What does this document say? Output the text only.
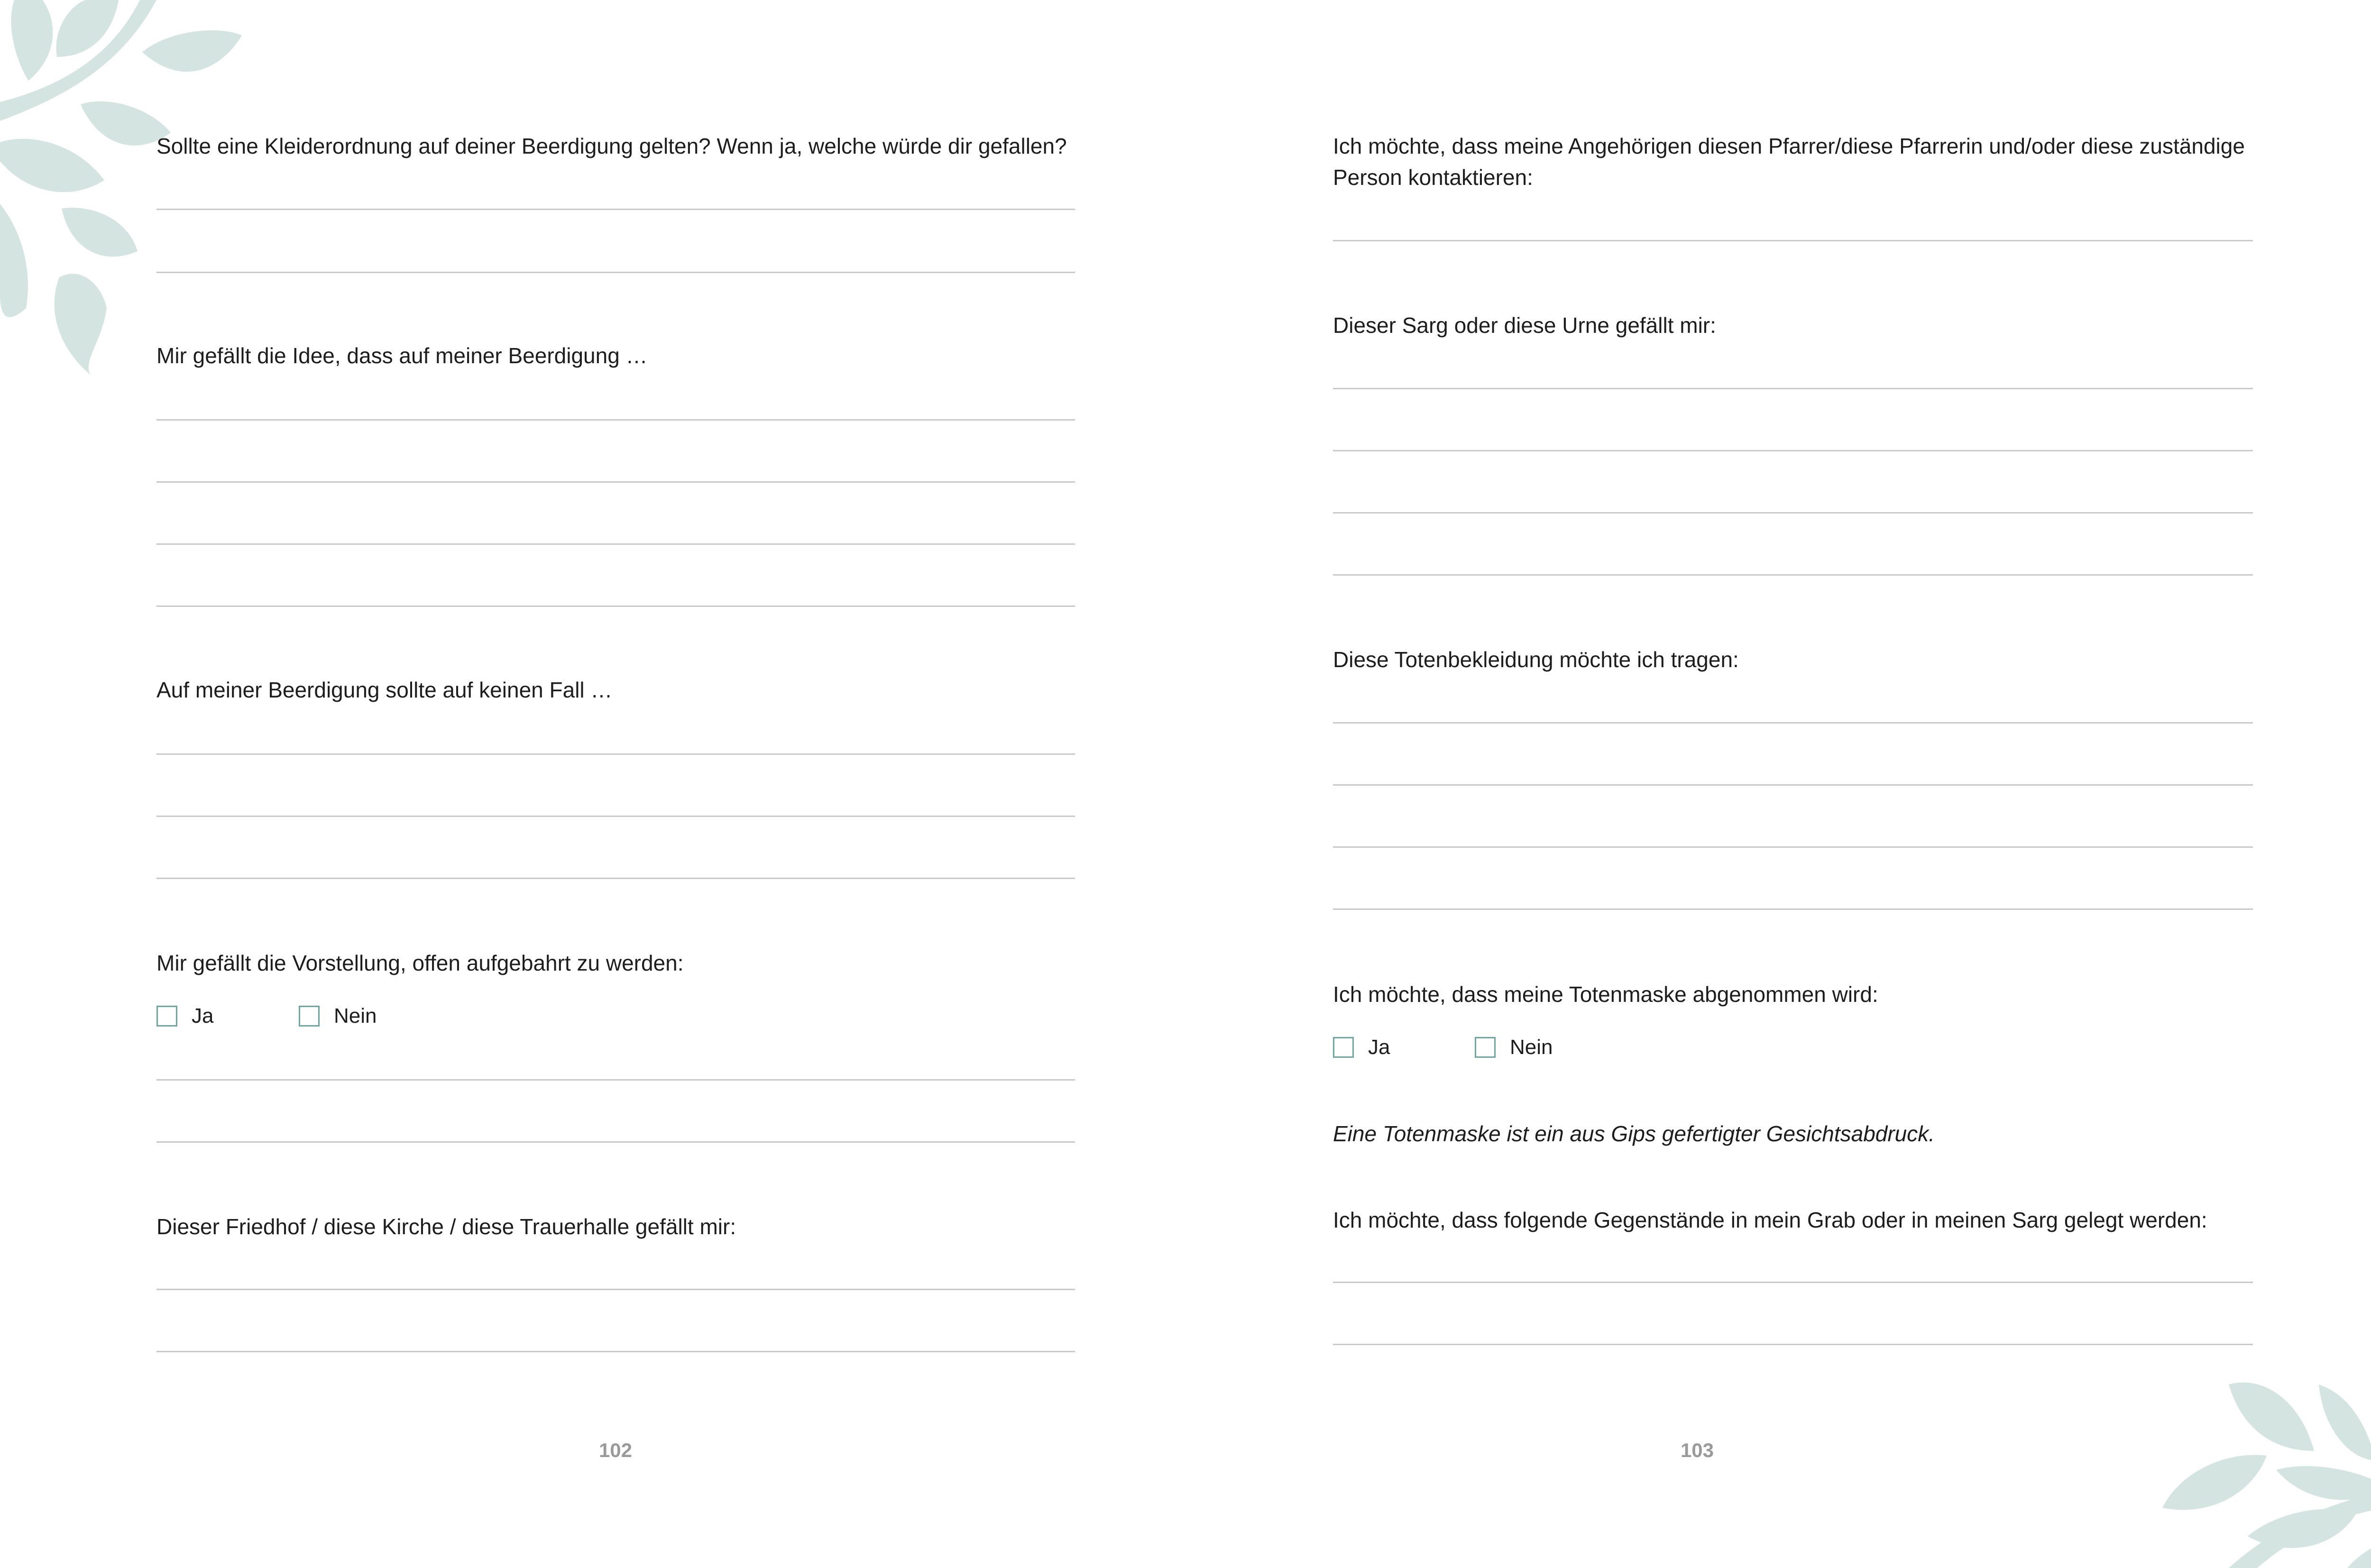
Sollte eine Kleiderordnung auf deiner Beerdigung gelten? Wenn ja, welche würde dir gefallen?

Mir gefällt die Idee, dass auf meiner Beerdigung …

Auf meiner Beerdigung sollte auf keinen Fall …

Mir gefällt die Vorstellung, offen aufgebahrt zu werden:

Ja	Nein

Dieser Friedhof / diese Kirche / diese Trauerhalle gefällt mir:

102

Ich möchte, dass meine Angehörigen diesen Pfarrer/diese Pfarrerin und/oder diese zuständige Person kontaktieren:

Dieser Sarg oder diese Urne gefällt mir:

Diese Totenbekleidung möchte ich tragen:

Ich möchte, dass meine Totenmaske abgenommen wird:

Ja	Nein

Eine Totenmaske ist ein aus Gips gefertigter Gesichtsabdruck.

Ich möchte, dass folgende Gegenstände in mein Grab oder in meinen Sarg gelegt werden:

103
